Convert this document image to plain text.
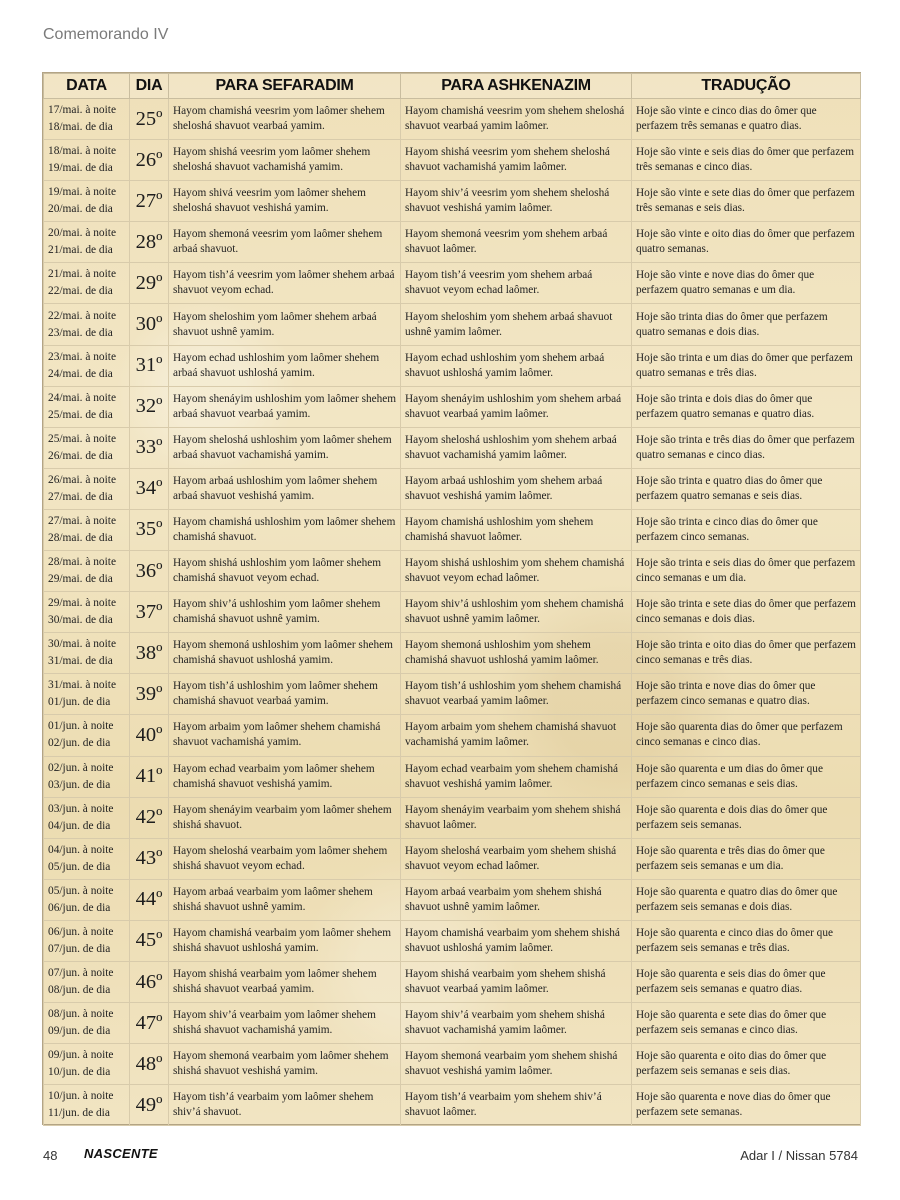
Comemorando IV
DATA	DIA	PARA SEFARADIM	PARA ASHKENAZIM	TRADUÇÃO

17/mai. à noite
18/mai. de dia	25º	Hayom chamishá veesrim yom laômer shehem sheloshá shavuot vearbaá yamim.	Hayom chamishá veesrim yom shehem sheloshá shavuot vearbaá yamim laômer.	Hoje são vinte e cinco dias do ômer que perfazem três semanas e quatro dias.

18/mai. à noite
19/mai. de dia	26º	Hayom shishá veesrim yom laômer shehem sheloshá shavuot vachamishá yamim.	Hayom shishá veesrim yom shehem sheloshá shavuot vachamishá yamim laômer.	Hoje são vinte e seis dias do ômer que perfazem três semanas e cinco dias.

19/mai. à noite
20/mai. de dia	27º	Hayom shivá veesrim yom laômer shehem sheloshá shavuot veshishá yamim.	Hayom shiv’á veesrim yom shehem sheloshá shavuot veshishá yamim laômer.	Hoje são vinte e sete dias do ômer que perfazem três semanas e seis dias.

20/mai. à noite
21/mai. de dia	28º	Hayom shemoná veesrim yom laômer shehem arbaá shavuot.	Hayom shemoná veesrim yom shehem arbaá shavuot laômer.	Hoje são vinte e oito dias do ômer que perfazem quatro semanas.

21/mai. à noite
22/mai. de dia	29º	Hayom tish’á veesrim yom laômer shehem arbaá shavuot veyom echad.	Hayom tish’á veesrim yom shehem arbaá shavuot veyom echad laômer.	Hoje são vinte e nove dias do ômer que perfazem quatro semanas e um dia.

22/mai. à noite
23/mai. de dia	30º	Hayom sheloshim yom laômer shehem arbaá shavuot ushnê yamim.	Hayom sheloshim yom shehem arbaá shavuot ushnê yamim laômer.	Hoje são trinta dias do ômer que perfazem quatro semanas e dois dias.

23/mai. à noite
24/mai. de dia	31º	Hayom echad ushloshim yom laômer shehem arbaá shavuot ushloshá yamim.	Hayom echad ushloshim yom shehem arbaá shavuot ushloshá yamim laômer.	Hoje são trinta e um dias do ômer que perfazem quatro semanas e três dias.

24/mai. à noite
25/mai. de dia	32º	Hayom shenáyim ushloshim yom laômer shehem arbaá shavuot vearbaá yamim.	Hayom shenáyim ushloshim yom shehem arbaá shavuot vearbaá yamim laômer.	Hoje são trinta e dois dias do ômer que perfazem quatro semanas e quatro dias.

25/mai. à noite
26/mai. de dia	33º	Hayom sheloshá ushloshim yom laômer shehem arbaá shavuot vachamishá yamim.	Hayom sheloshá ushloshim yom shehem arbaá shavuot vachamishá yamim laômer.	Hoje são trinta e três dias do ômer que perfazem quatro semanas e cinco dias.

26/mai. à noite
27/mai. de dia	34º	Hayom arbaá ushloshim yom laômer shehem arbaá shavuot veshishá yamim.	Hayom arbaá ushloshim yom shehem arbaá shavuot veshishá yamim laômer.	Hoje são trinta e quatro dias do ômer que perfazem quatro semanas e seis dias.

27/mai. à noite
28/mai. de dia	35º	Hayom chamishá ushloshim yom laômer shehem chamishá shavuot.	Hayom chamishá ushloshim yom shehem chamishá shavuot laômer.	Hoje são trinta e cinco dias do ômer que perfazem cinco semanas.

28/mai. à noite
29/mai. de dia	36º	Hayom shishá ushloshim yom laômer shehem chamishá shavuot veyom echad.	Hayom shishá ushloshim yom shehem chamishá shavuot veyom echad laômer.	Hoje são trinta e seis dias do ômer que perfazem cinco semanas e um dia.

29/mai. à noite
30/mai. de dia	37º	Hayom shiv’á ushloshim yom laômer shehem chamishá shavuot ushnê yamim.	Hayom shiv’á ushloshim yom shehem chamishá shavuot ushnê yamim laômer.	Hoje são trinta e sete dias do ômer que perfazem cinco semanas e dois dias.

30/mai. à noite
31/mai. de dia	38º	Hayom shemoná ushloshim yom laômer shehem chamishá shavuot ushloshá yamim.	Hayom shemoná ushloshim yom shehem chamishá shavuot ushloshá yamim laômer.	Hoje são trinta e oito dias do ômer que perfazem cinco semanas e três dias.

31/mai. à noite
01/jun. de dia	39º	Hayom tish’á ushloshim yom laômer shehem chamishá shavuot vearbaá yamim.	Hayom tish’á ushloshim yom shehem chamishá shavuot vearbaá yamim laômer.	Hoje são trinta e nove dias do ômer que perfazem cinco semanas e quatro dias.

01/jun. à noite
02/jun. de dia	40º	Hayom arbaim yom laômer shehem chamishá shavuot vachamishá yamim.	Hayom arbaim yom shehem chamishá shavuot vachamishá yamim laômer.	Hoje são quarenta dias do ômer que perfazem cinco semanas e cinco dias.

02/jun. à noite
03/jun. de dia	41º	Hayom echad vearbaim yom laômer shehem chamishá shavuot veshishá yamim.	Hayom echad vearbaim yom shehem chamishá shavuot veshishá yamim laômer.	Hoje são quarenta e um dias do ômer que perfazem cinco semanas e seis dias.

03/jun. à noite
04/jun. de dia	42º	Hayom shenáyim vearbaim yom laômer shehem shishá shavuot.	Hayom shenáyim vearbaim yom shehem shishá shavuot laômer.	Hoje são quarenta e dois dias do ômer que perfazem seis semanas.

04/jun. à noite
05/jun. de dia	43º	Hayom sheloshá vearbaim yom laômer shehem shishá shavuot veyom echad.	Hayom sheloshá vearbaim yom shehem shishá shavuot veyom echad laômer.	Hoje são quarenta e três dias do ômer que perfazem seis semanas e um dia.

05/jun. à noite
06/jun. de dia	44º	Hayom arbaá vearbaim yom laômer shehem shishá shavuot ushnê yamim.	Hayom arbaá vearbaim yom shehem shishá shavuot ushnê yamim laômer.	Hoje são quarenta e quatro dias do ômer que perfazem seis semanas e dois dias.

06/jun. à noite
07/jun. de dia	45º	Hayom chamishá vearbaim yom laômer shehem shishá shavuot ushloshá yamim.	Hayom chamishá vearbaim yom shehem shishá shavuot ushloshá yamim laômer.	Hoje são quarenta e cinco dias do ômer que perfazem seis semanas e três dias.

07/jun. à noite
08/jun. de dia	46º	Hayom shishá vearbaim yom laômer shehem shishá shavuot vearbaá yamim.	Hayom shishá vearbaim yom shehem shishá shavuot vearbaá yamim laômer.	Hoje são quarenta e seis dias do ômer que perfazem seis semanas e quatro dias.

08/jun. à noite
09/jun. de dia	47º	Hayom shiv’á vearbaim yom laômer shehem shishá shavuot vachamishá yamim.	Hayom shiv’á vearbaim yom shehem shishá shavuot vachamishá yamim laômer.	Hoje são quarenta e sete dias do ômer que perfazem seis semanas e cinco dias.

09/jun. à noite
10/jun. de dia	48º	Hayom shemoná vearbaim yom laômer shehem shishá shavuot veshishá yamim.	Hayom shemoná vearbaim yom shehem shishá shavuot veshishá yamim laômer.	Hoje são quarenta e oito dias do ômer que perfazem seis semanas e seis dias.

10/jun. à noite
11/jun. de dia	49º	Hayom tish’á vearbaim yom laômer shehem shiv’á shavuot.	Hayom tish’á vearbaim yom shehem shiv’á shavuot laômer.	Hoje são quarenta e nove dias do ômer que perfazem sete semanas.
48 NASCENTE	Adar I / Nissan 5784
